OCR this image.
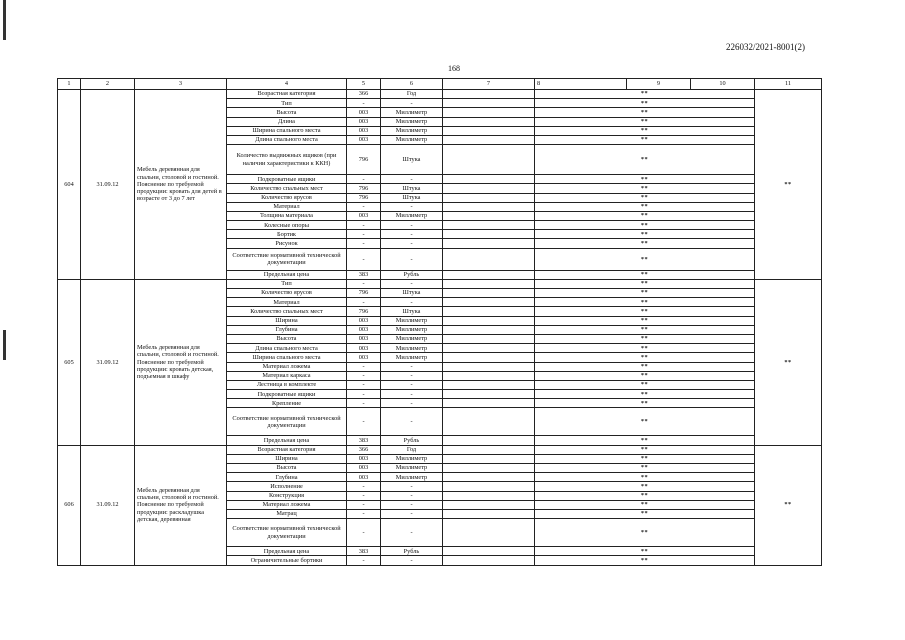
226032/2021-8001(2)
168
1	2	3	4	5	6	7	8	9	10	11
604	31.09.12	Мебель деревянная для спальни, столовой и гостиной. Пояснение по требуемой продукции: кровать для детей в возрасте от 3 до 7 лет	Возрастная категория	366	Год		**			**
			Тип	-	-		**			
			Высота	003	Миллиметр		**			
			Длина	003	Миллиметр		**			
			Ширина спального места	003	Миллиметр		**			
			Длина спального места	003	Миллиметр		**			
			Количество выдвижных ящиков (при наличии характеристики к ККН)	796	Штука		**			
			Подкроватные ящики	-	-		**			
			Количество спальных мест	796	Штука		**			
			Количество ярусов	796	Штука		**			
			Материал	-	-		**			
			Толщина материала	003	Миллиметр		**			
			Колесные опоры	-	-		**			
			Бортик	-	-		**			
			Рисунок	-	-		**			
			Соответствие нормативной технической документации	-	-		**			
			Предельная цена	383	Рубль		**			
605	31.09.12	Мебель деревянная для спальни, столовой и гостиной. Пояснение по требуемой продукции: кровать детская, подъемная в шкафу	Тип	-	-		**			**
			Количество ярусов	796	Штука		**			
			Материал	-	-		**			
			Количество спальных мест	796	Штука		**			
			Ширина	003	Миллиметр		**			
			Глубина	003	Миллиметр		**			
			Высота	003	Миллиметр		**			
			Длина спального места	003	Миллиметр		**			
			Ширина спального места	003	Миллиметр		**			
			Материал ложема	-	-		**			
			Материал каркаса	-	-		**			
			Лестница в комплекте	-	-		**			
			Подкроватные ящики	-	-		**			
			Крепление	-	-		**			
			Соответствие нормативной технической документации	-	-		**			
			Предельная цена	383	Рубль		**			
606	31.09.12	Мебель деревянная для спальни, столовой и гостиной. Пояснение по требуемой продукции: раскладушка детская, деревянная	Возрастная категория	366	Год		**			**
			Ширина	003	Миллиметр		**			
			Высота	003	Миллиметр		**			
			Глубина	003	Миллиметр		**			
			Исполнение	-	-		**			
			Конструкция	-	-		**			
			Материал ложема	-	-		**			
			Матрац	-	-		**			
			Соответствие нормативной технической документации	-	-		**			
			Предельная цена	383	Рубль		**			
			Ограничительные бортики	-	-		**			
